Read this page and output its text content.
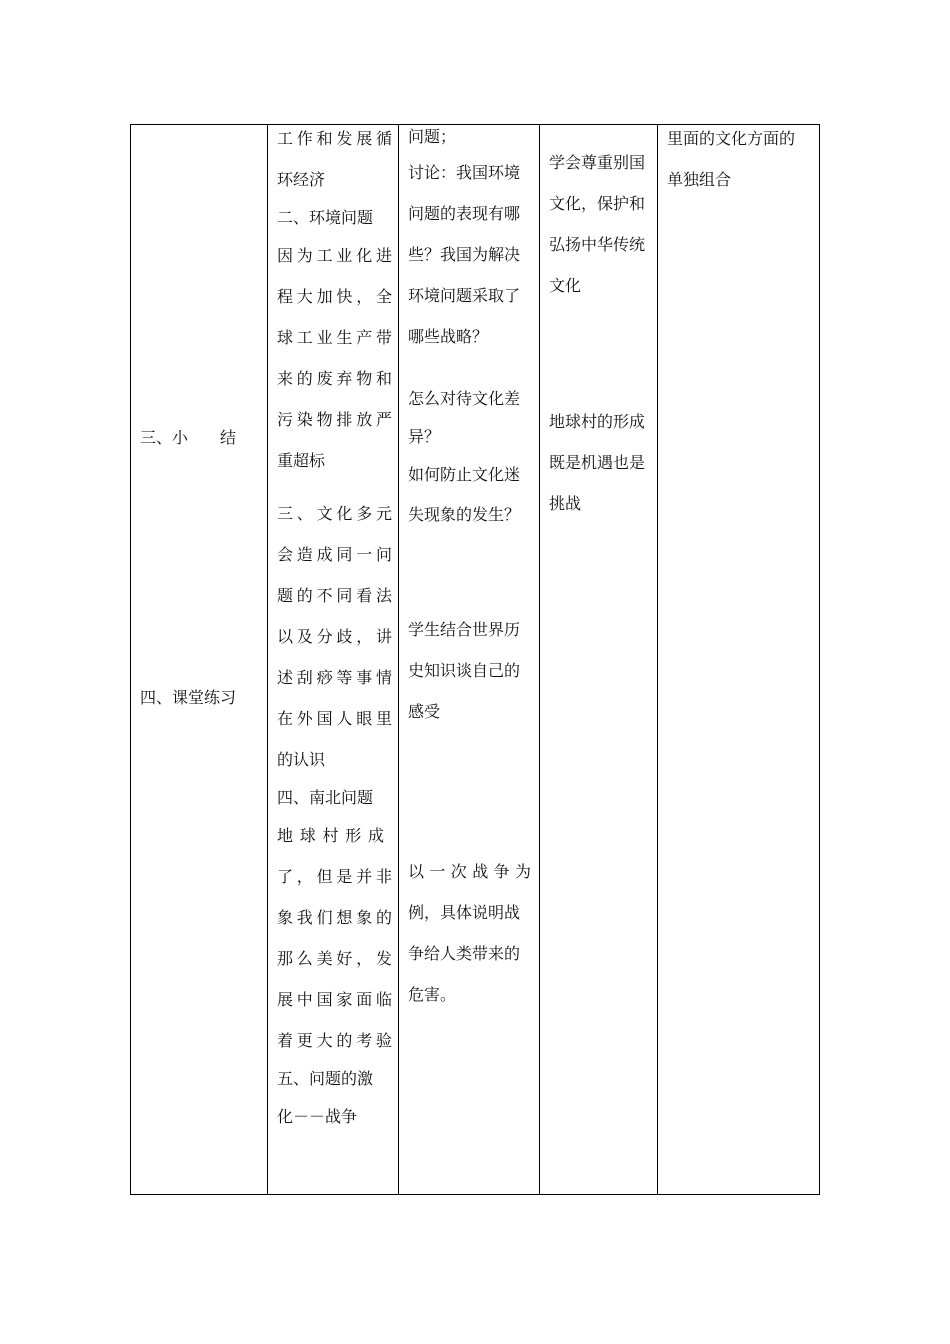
三、小　　结
四、课堂练习
工作和发展循
环经济
二、环境问题
因为工业化进
程大加快，全
球工业生产带
来的废弃物和
污染物排放严
重超标
三、文化多元
会造成同一问
题的不同看法
以及分歧，讲
述刮痧等事情
在外国人眼里
的认识
四、南北问题
地球村形成
了，但是并非
象我们想象的
那么美好，发
展中国家面临
着更大的考验
五、问题的激
化－－战争
问题；
讨论：我国环境
问题的表现有哪
些？我国为解决
环境问题采取了
哪些战略？
怎么对待文化差
异？
如何防止文化迷
失现象的发生？
学生结合世界历
史知识谈自己的
感受
以一次战争为
例，具体说明战
争给人类带来的
危害。
学会尊重别国
文化，保护和
弘扬中华传统
文化
地球村的形成
既是机遇也是
挑战
里面的文化方面的
单独组合
